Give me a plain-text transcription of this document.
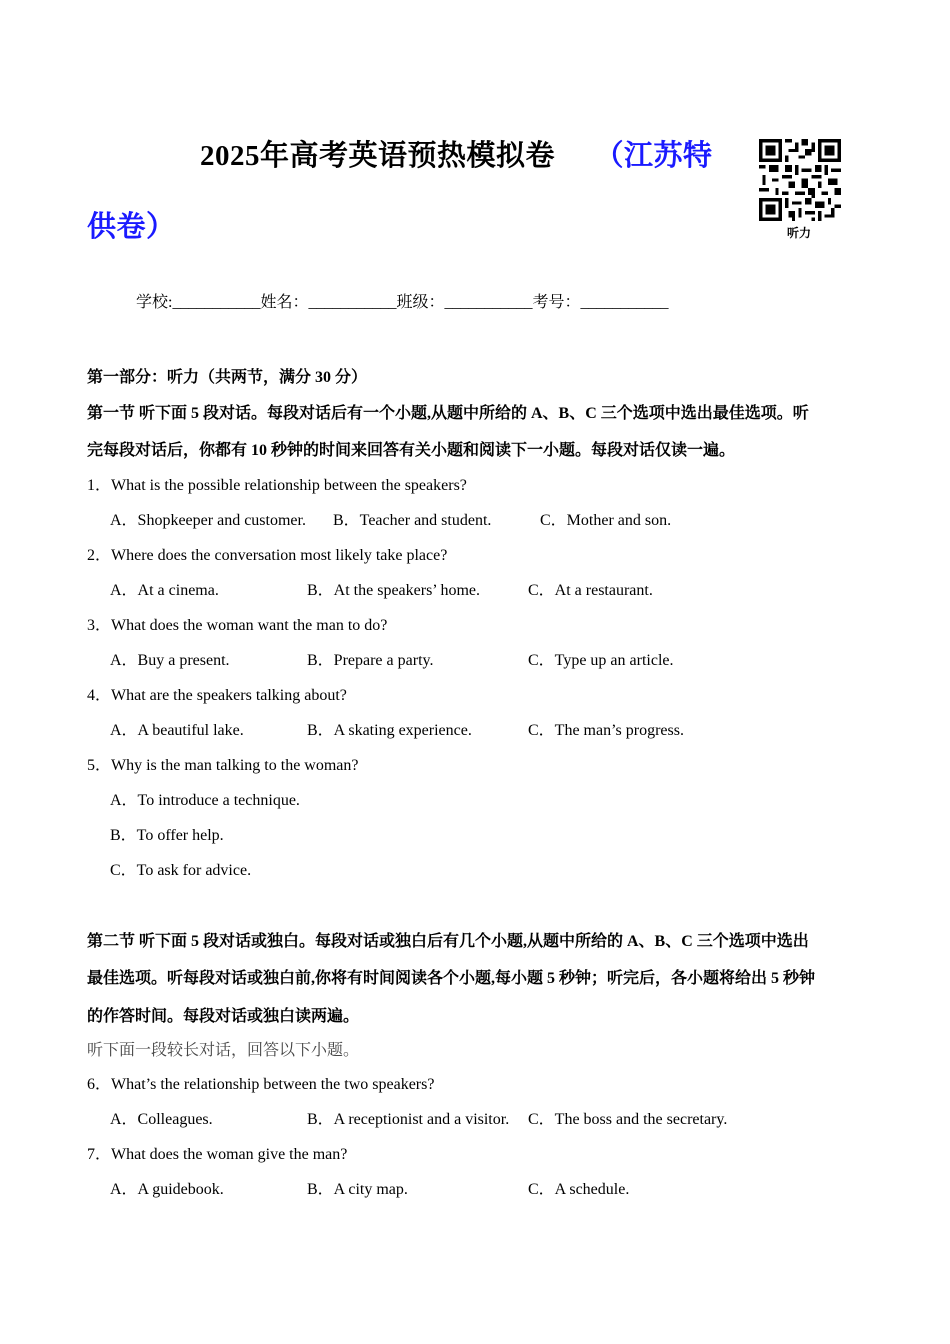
2025年高考英语预热模拟卷 （江苏特
供卷）	听力
学校:___________姓名：___________班级：___________考号：___________
第一部分：听力（共两节，满分 30 分）
第一节 听下面 5 段对话。每段对话后有一个小题,从题中所给的 A、B、C 三个选项中选出最佳选项。听
完每段对话后，你都有 10 秒钟的时间来回答有关小题和阅读下一小题。每段对话仅读一遍。
1．What is the possible relationship between the speakers?
A．Shopkeeper and customer. B．Teacher and student.	C．Mother and son.
2．Where does the conversation most likely take place?
A．At a cinema.	B．At the speakers’ home.	C．At a restaurant.
3．What does the woman want the man to do?
A．Buy a present.	B．Prepare a party.	C．Type up an article.
4．What are the speakers talking about?
A．A beautiful lake.	B．A skating experience.	C．The man’s progress.
5．Why is the man talking to the woman?
A．To introduce a technique.
B．To offer help.
C．To ask for advice.
第二节 听下面 5 段对话或独白。每段对话或独白后有几个小题,从题中所给的 A、B、C 三个选项中选出
最佳选项。听每段对话或独白前,你将有时间阅读各个小题,每小题 5 秒钟；听完后，各小题将给出 5 秒钟
的作答时间。每段对话或独白读两遍。
听下面一段较长对话，回答以下小题。
6．What’s the relationship between the two speakers?
A．Colleagues.	B．A receptionist and a visitor. C．The boss and the secretary.
7．What does the woman give the man?
A．A guidebook.	B．A city map.	C．A schedule.
